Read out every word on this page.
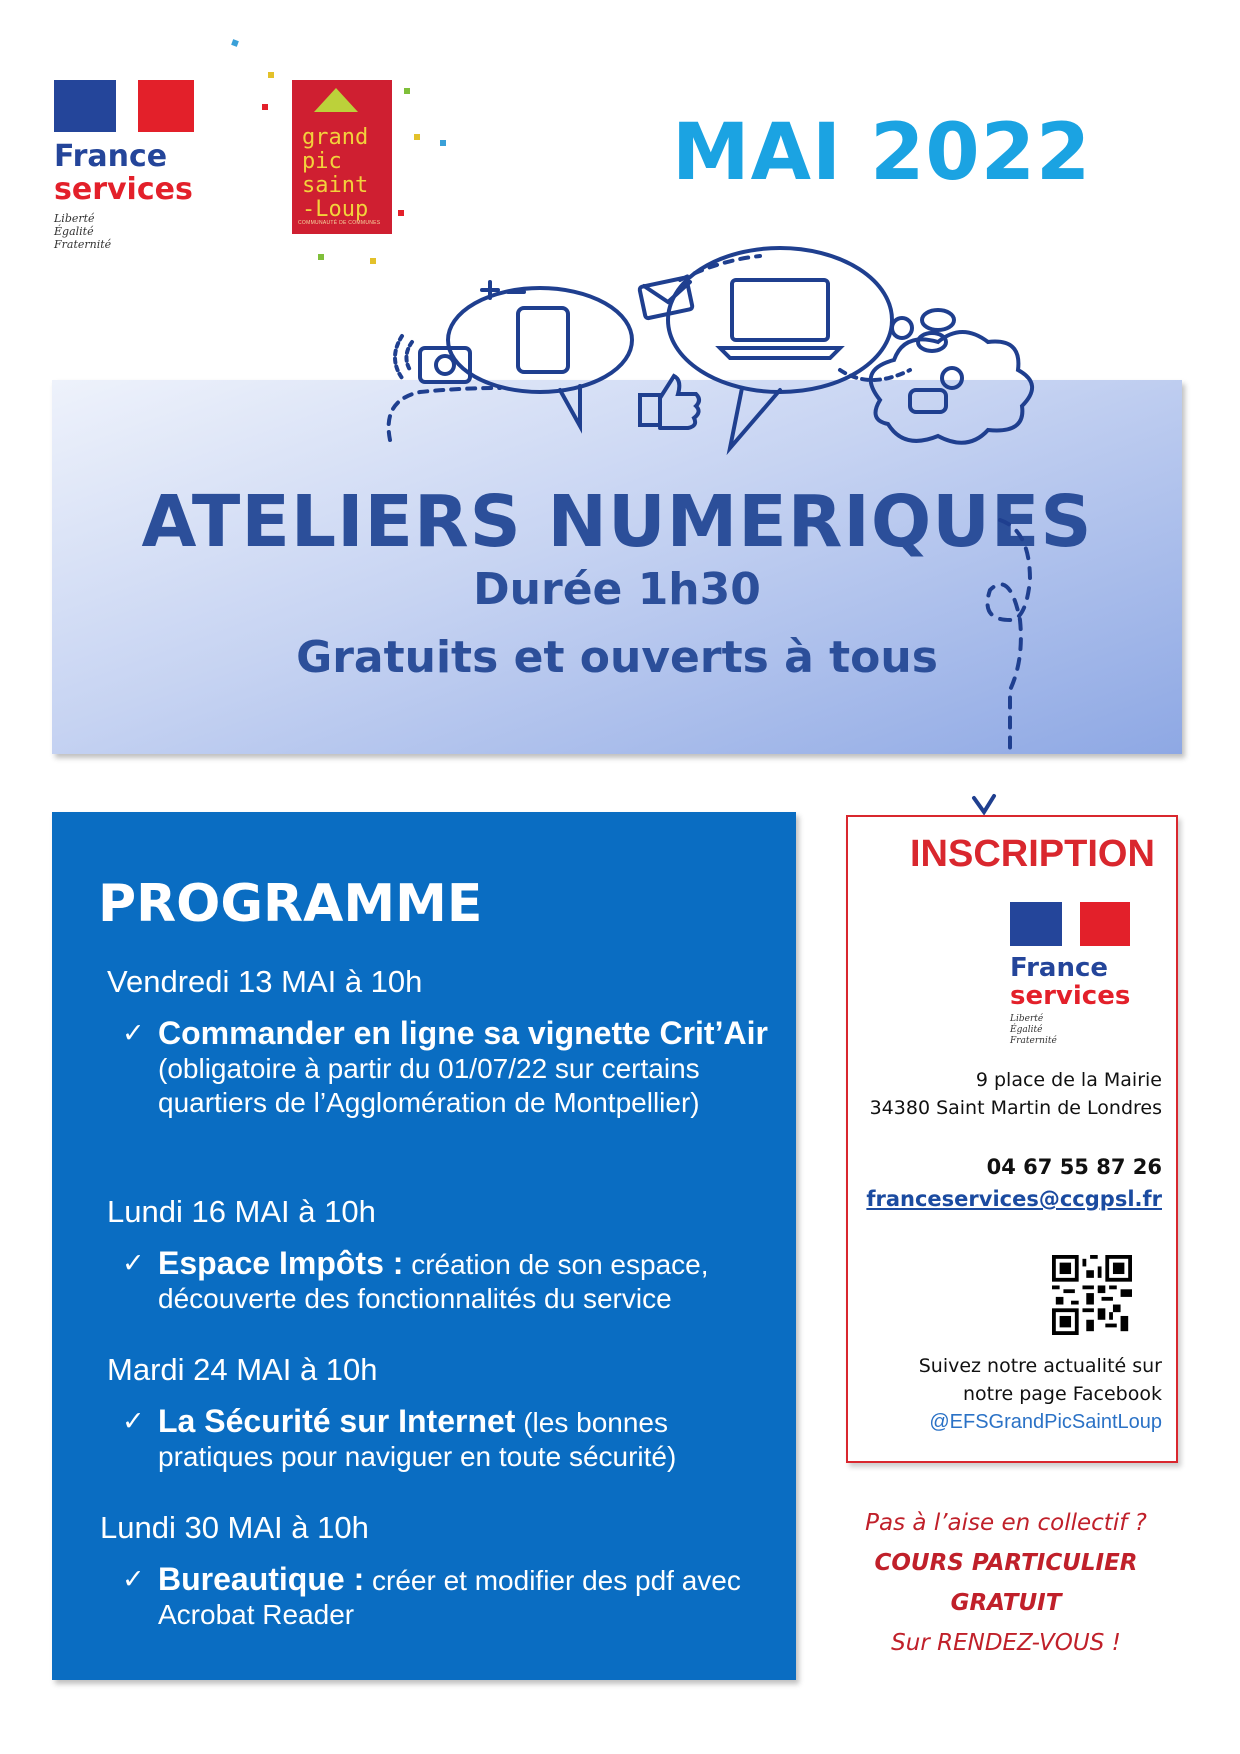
France
services
Liberté
Égalité
Fraternité
grand
pic
saint
-Loup
COMMUNAUTÉ DE COMMUNES
MAI 2022
ATELIERS NUMERIQUES
Durée 1h30
Gratuits et ouverts à tous
PROGRAMME
Vendredi 13 MAI à 10h
✓ Commander en ligne sa vignette Crit’Air (obligatoire à partir du 01/07/22 sur certains quartiers de l’Agglomération de Montpellier)
Lundi 16 MAI à 10h
✓ Espace Impôts : création de son espace, découverte des fonctionnalités du service
Mardi 24 MAI à 10h
✓ La Sécurité sur Internet (les bonnes pratiques pour naviguer en toute sécurité)
Lundi 30 MAI à 10h
✓ Bureautique : créer et modifier des pdf avec Acrobat Reader
INSCRIPTION
France
services
Liberté
Égalité
Fraternité
9 place de la Mairie
34380 Saint Martin de Londres
04 67 55 87 26
franceservices@ccgpsl.fr
Suivez notre actualité sur
notre page Facebook
@EFSGrandPicSaintLoup
Pas à l’aise en collectif ?
COURS PARTICULIER
GRATUIT
Sur RENDEZ-VOUS !
